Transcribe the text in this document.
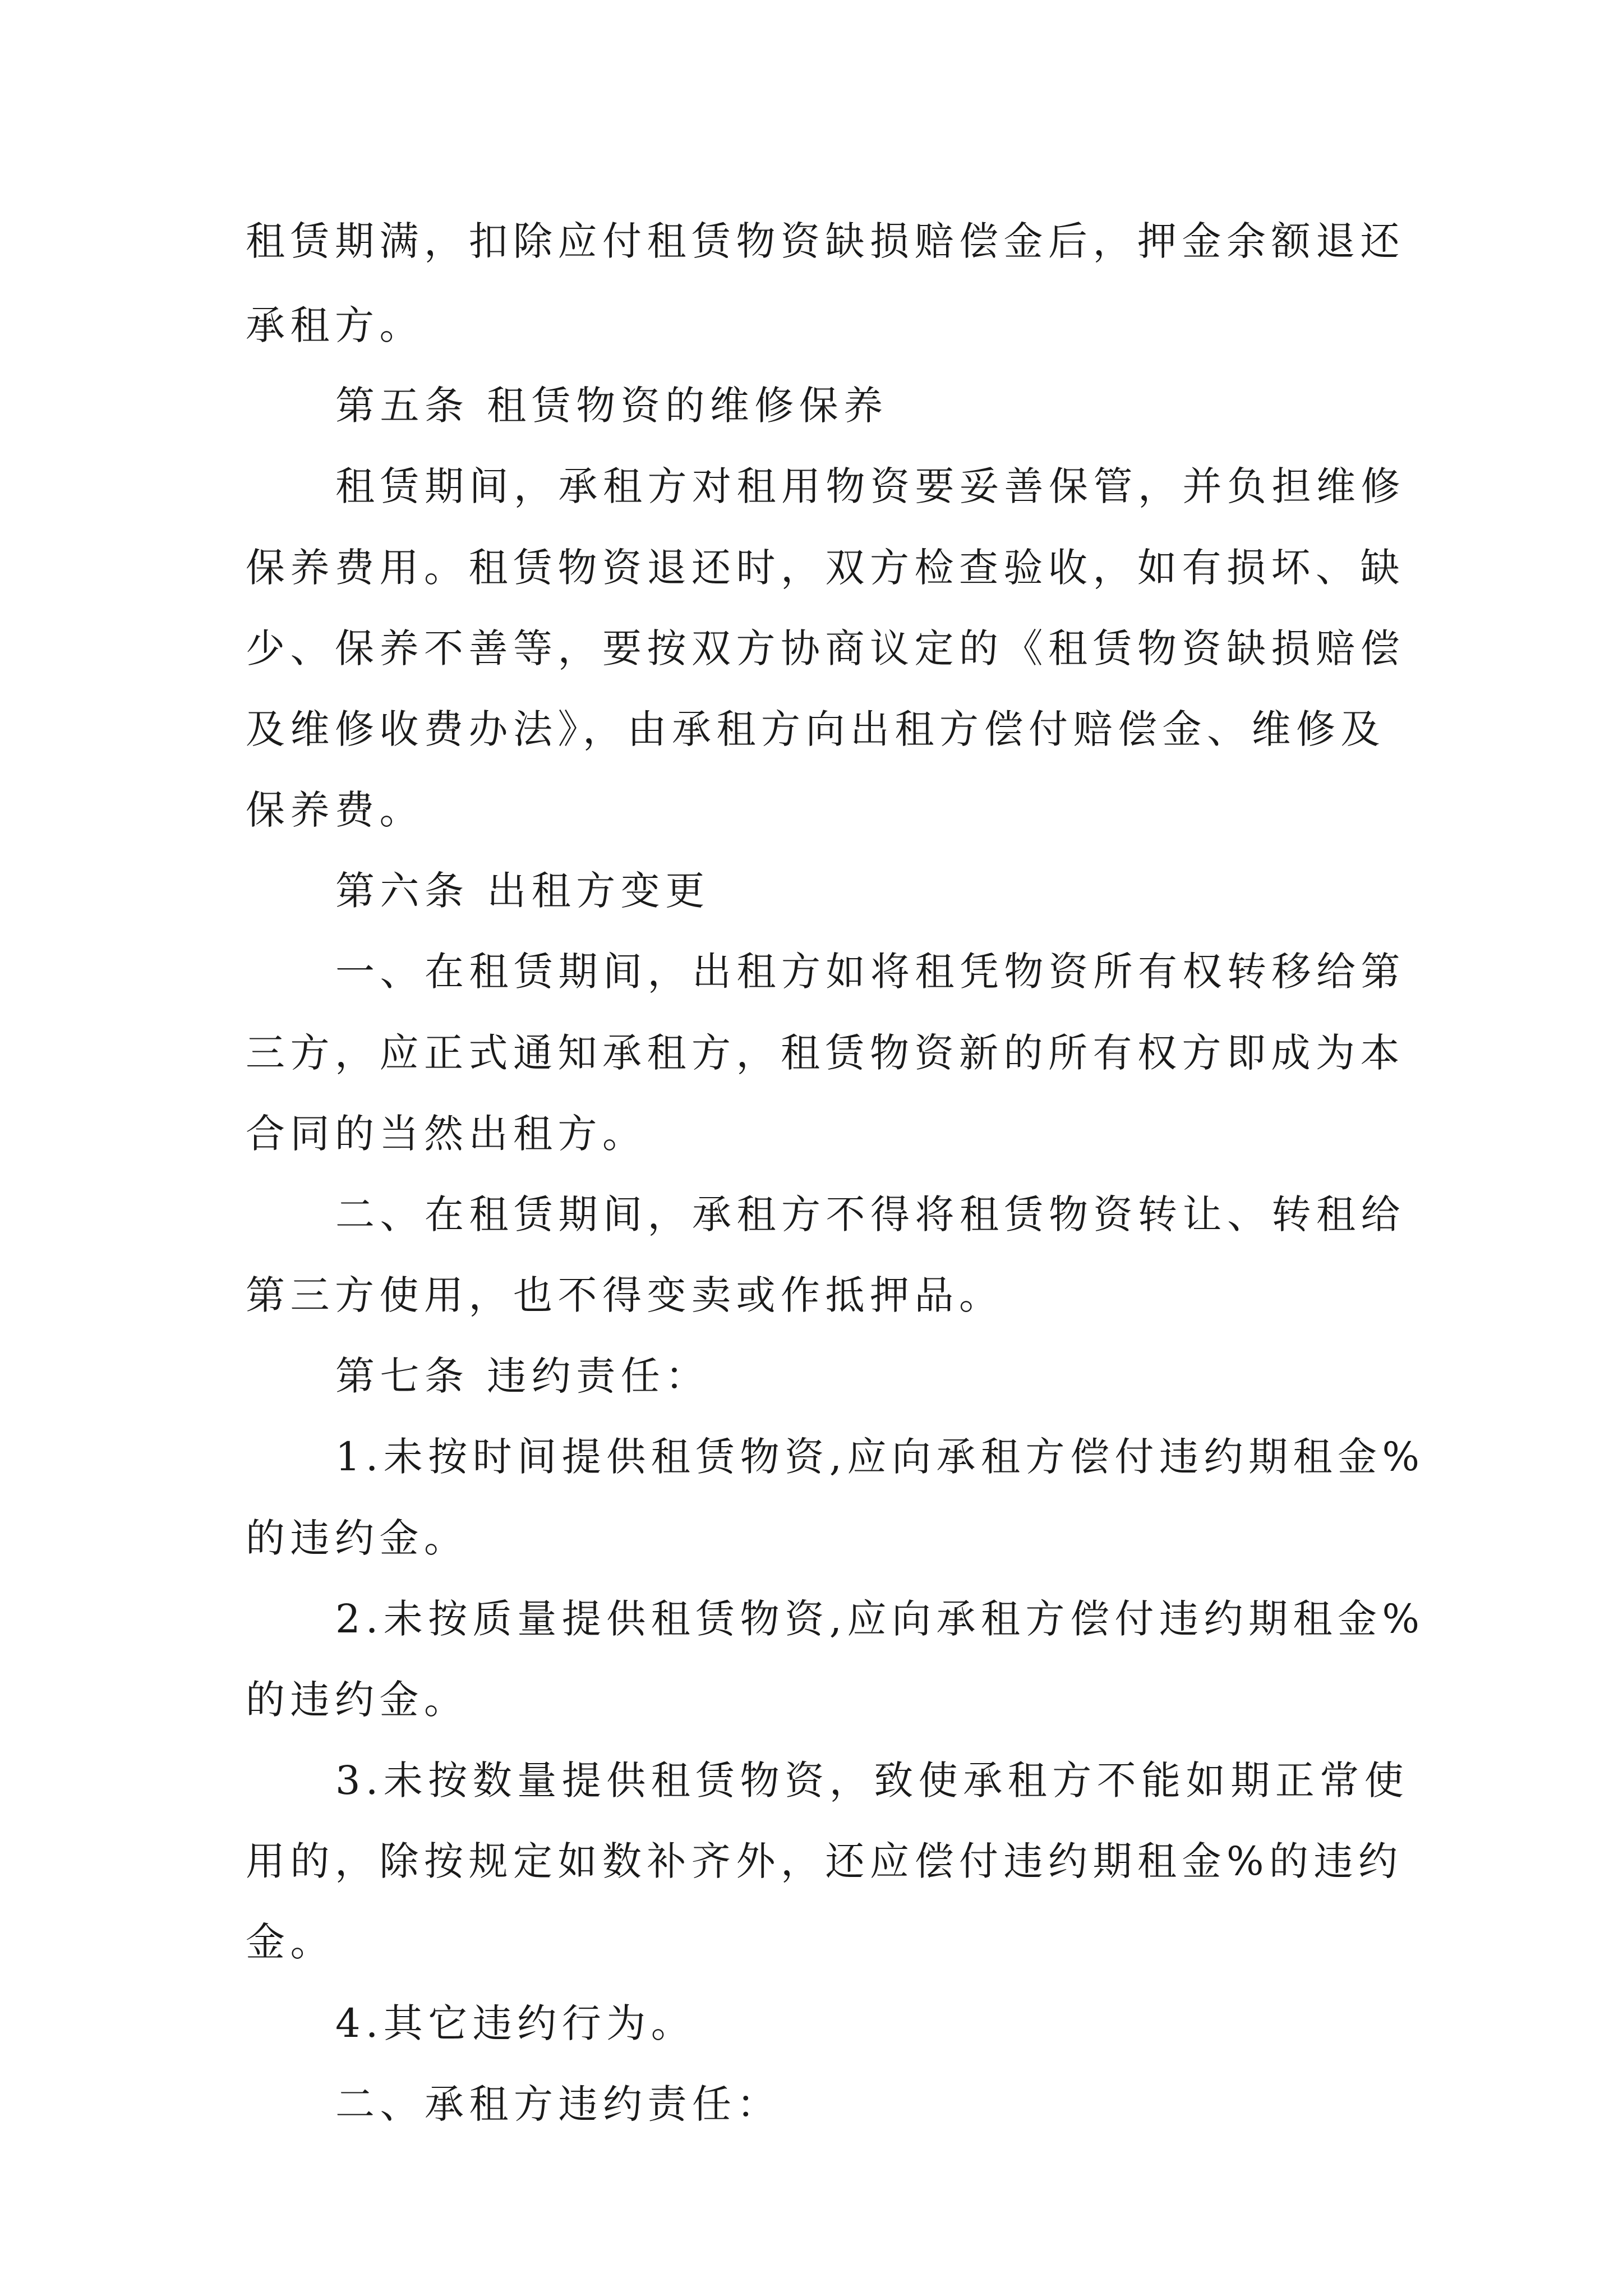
租赁期满，扣除应付租赁物资缺损赔偿金后，押金余额退还
承租方。
第五条 租赁物资的维修保养
租赁期间，承租方对租用物资要妥善保管，并负担维修
保养费用。租赁物资退还时，双方检查验收，如有损坏、缺
少、保养不善等，要按双方协商议定的《租赁物资缺损赔偿
及维修收费办法》，由承租方向出租方偿付赔偿金、维修及
保养费。
第六条 出租方变更
一、在租赁期间，出租方如将租凭物资所有权转移给第
三方，应正式通知承租方，租赁物资新的所有权方即成为本
合同的当然出租方。
二、在租赁期间，承租方不得将租赁物资转让、转租给
第三方使用，也不得变卖或作抵押品。
第七条 违约责任：
1.未按时间提供租赁物资,应向承租方偿付违约期租金%
的违约金。
2.未按质量提供租赁物资,应向承租方偿付违约期租金%
的违约金。
3.未按数量提供租赁物资，致使承租方不能如期正常使
用的，除按规定如数补齐外，还应偿付违约期租金%的违约
金。
4.其它违约行为。
二、承租方违约责任：
